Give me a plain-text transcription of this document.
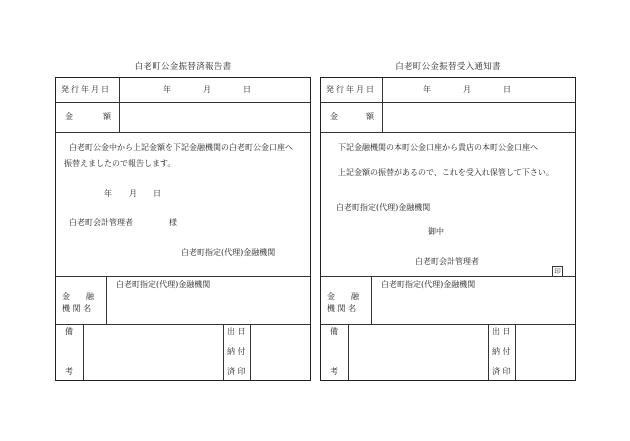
白老町公金振替済報告書
発行年月日	年	月	日
金	額
白老町公金中から上記金額を下記金融機関の白老町公金口座へ
振替えましたので報告します。
年 月 日
白老町会計管理者	様
白老町指定(代理)金融機関
金　　融
機 関 名
白老町指定(代理)金融機関
備
考
出 日
納 付
済 印
白老町公金振替受入通知書
発行年月日	年	月	日
金	額
下記金融機関の本町公金口座から貴店の本町公金口座へ
上記金額の振替があるので、これを受入れ保管して下さい。
白老町指定(代理)金融機関
御中
白老町会計管理者
印
金　　融
機 関 名
白老町指定(代理)金融機関
備
考
出 日
納 付
済 印
